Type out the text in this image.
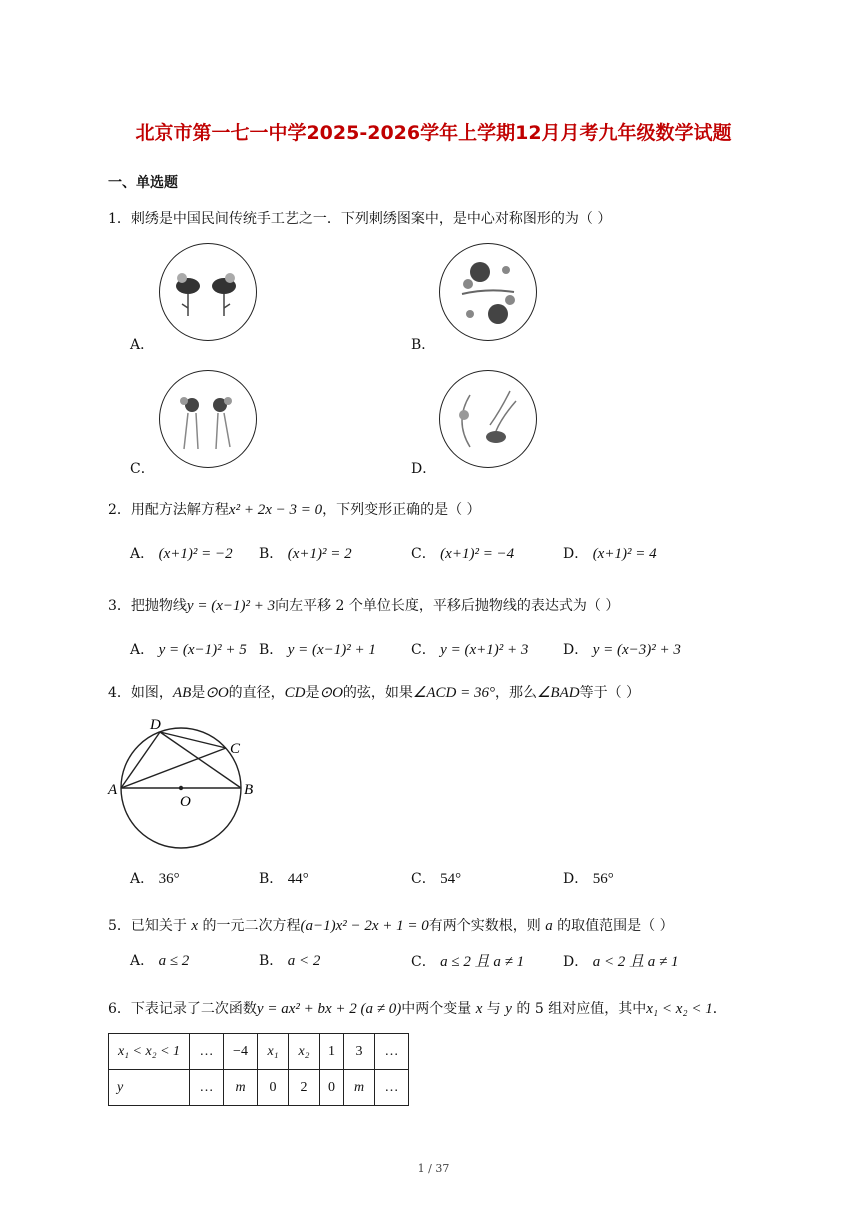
北京市第一七一中学2025-2026学年上学期12月月考九年级数学试题
一、单选题
1．刺绣是中国民间传统手工艺之一．下列刺绣图案中，是中心对称图形的为（ ）
A．	B．
C．	D．
2．用配方法解方程x² + 2x − 3 = 0，下列变形正确的是（ ）
A． (x+1)² = −2 B． (x+1)² = 2	C． (x+1)² = −4	D． (x+1)² = 4
3．把抛物线y = (x−1)² + 3向左平移 2 个单位长度，平移后抛物线的表达式为（ ）
A． y = (x−1)² + 5 B． y = (x−1)² + 1	C． y = (x+1)² + 3 D． y = (x−3)² + 3
4．如图，AB是⊙O的直径，CD是⊙O的弦，如果∠ACD = 36°，那么∠BAD等于（ ）
A	B
C
D
O
A． 36°	B． 44°	C． 54°	D． 56°
5．已知关于 x 的一元二次方程(a−1)x² − 2x + 1 = 0有两个实数根，则 a 的取值范围是（ ）
A． a ≤ 2	B． a < 2	C． a ≤ 2 且 a ≠ 1	D． a < 2 且 a ≠ 1
6．下表记录了二次函数y = ax² + bx + 2 (a ≠ 0)中两个变量 x 与 y 的 5 组对应值，其中x₁ < x₂ < 1．
x₁ < x₂ < 1	…	−4	x₁	x₂	1	3	…
y	…	m	0	2	0	m	…
1 / 37
